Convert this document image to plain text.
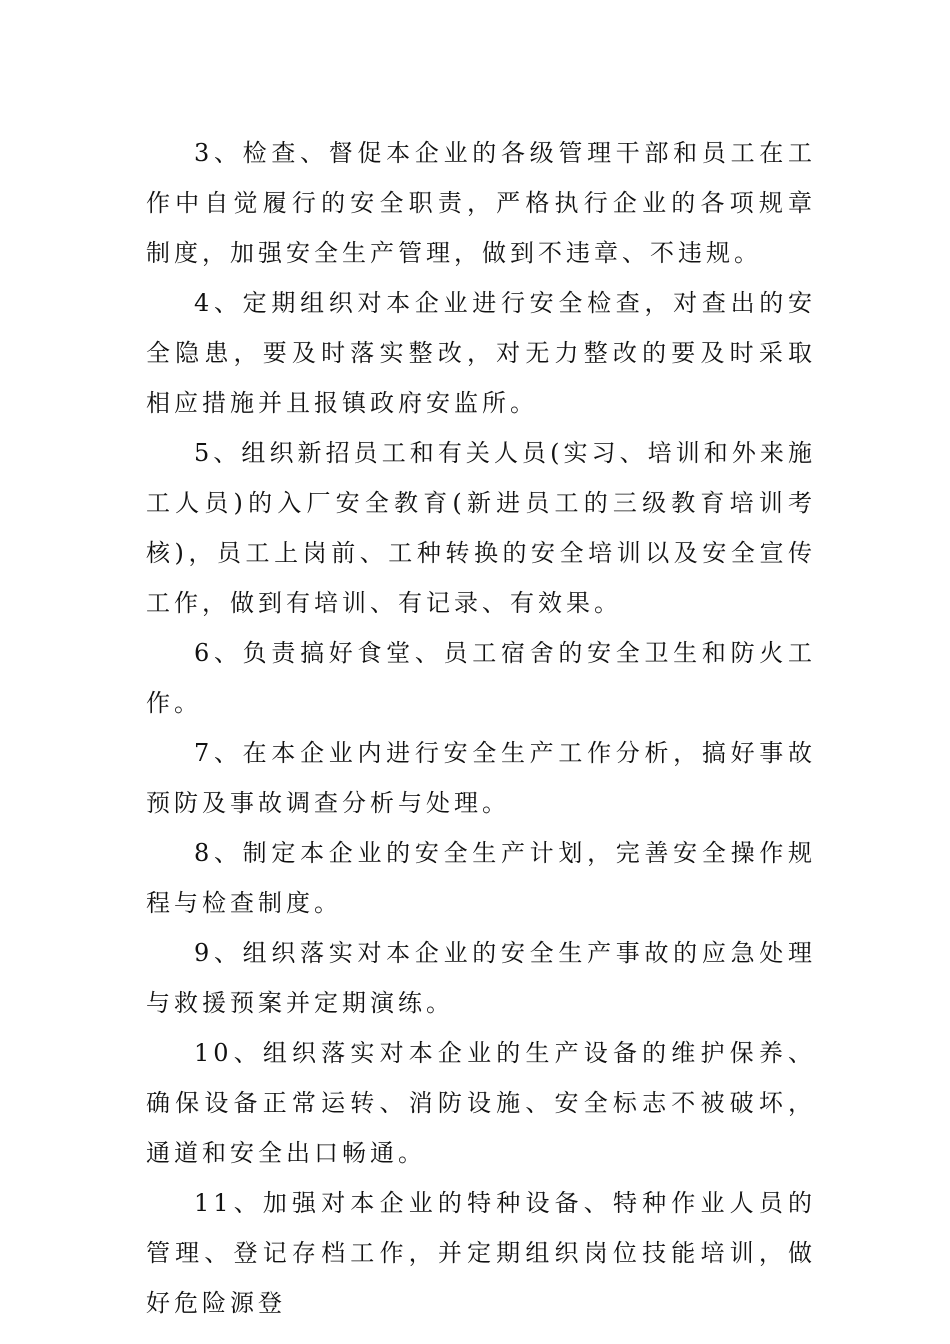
3、检查、督促本企业的各级管理干部和员工在工作中自觉履行的安全职责，严格执行企业的各项规章制度，加强安全生产管理，做到不违章、不违规。

4、定期组织对本企业进行安全检查，对查出的安全隐患，要及时落实整改，对无力整改的要及时采取相应措施并且报镇政府安监所。

5、组织新招员工和有关人员(实习、培训和外来施工人员)的入厂安全教育(新进员工的三级教育培训考核)，员工上岗前、工种转换的安全培训以及安全宣传工作，做到有培训、有记录、有效果。

6、负责搞好食堂、员工宿舍的安全卫生和防火工作。

7、在本企业内进行安全生产工作分析，搞好事故预防及事故调查分析与处理。

8、制定本企业的安全生产计划，完善安全操作规程与检查制度。

9、组织落实对本企业的安全生产事故的应急处理与救援预案并定期演练。

10、组织落实对本企业的生产设备的维护保养、确保设备正常运转、消防设施、安全标志不被破坏，通道和安全出口畅通。

11、加强对本企业的特种设备、特种作业人员的管理、登记存档工作，并定期组织岗位技能培训，做好危险源登
